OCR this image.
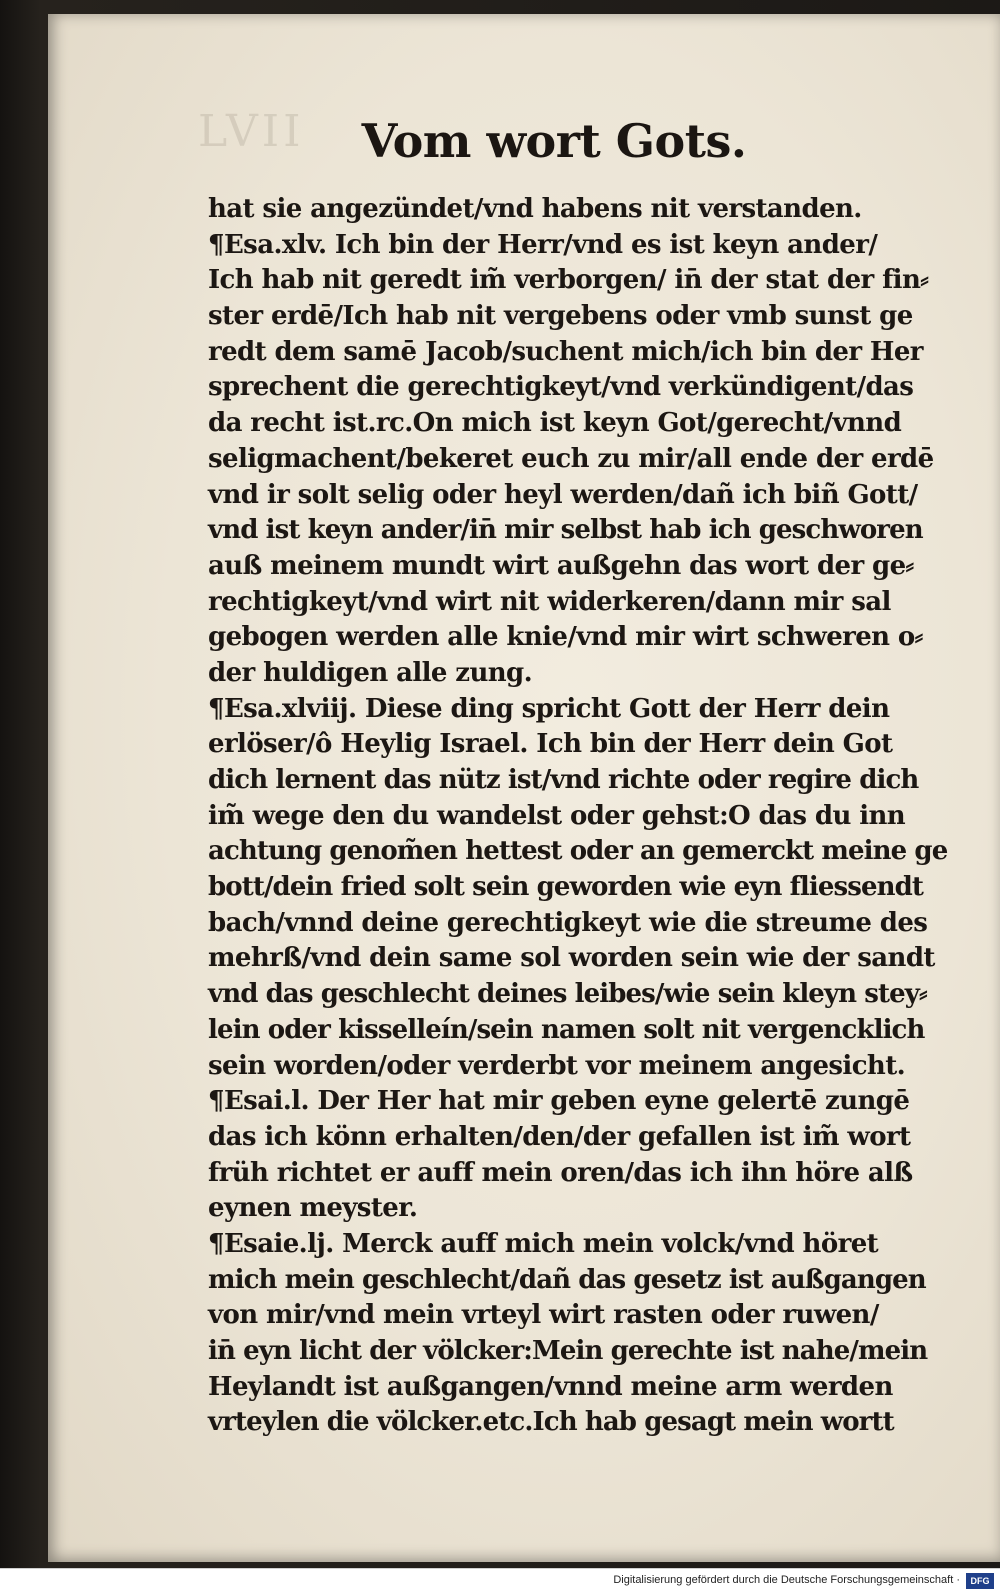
LVII	Vom wort Gots.
hat sie angezündet/vnd habens nit verstanden.
¶Esa.xlv. Ich bin der Herr/vnd es ist keyn ander/
Ich hab nit geredt im̃ verborgen/ in̄ der stat der fin⸗
ster erdē/Ich hab nit vergebens oder vmb sunst ge
redt dem samē Jacob/suchent mich/ich bin der Her
sprechent die gerechtigkeyt/vnd verkündigent/das
da recht ist.rc.On mich ist keyn Got/gerecht/vnnd
seligmachent/bekeret euch zu mir/all ende der erdē
vnd ir solt selig oder heyl werden/dañ ich biñ Gott/
vnd ist keyn ander/in̄ mir selbst hab ich geschworen
auß meinem mundt wirt außgehn das wort der ge⸗
rechtigkeyt/vnd wirt nit widerkeren/dann mir sal
gebogen werden alle knie/vnd mir wirt schweren o⸗
der huldigen alle zung.
¶Esa.xlviij. Diese ding spricht Gott der Herr dein
erlöser/ô Heylig Israel. Ich bin der Herr dein Got
dich lernent das nütz ist/vnd richte oder regire dich
im̃ wege den du wandelst oder gehst:O das du inn
achtung genom̃en hettest oder an gemerckt meine ge
bott/dein fried solt sein geworden wie eyn fliessendt
bach/vnnd deine gerechtigkeyt wie die streume des
mehrß/vnd dein same sol worden sein wie der sandt
vnd das geschlecht deines leibes/wie sein kleyn stey⸗
lein oder kisselleín/sein namen solt nit vergencklich
sein worden/oder verderbt vor meinem angesicht.
¶Esai.l. Der Her hat mir geben eyne gelertē zungē
das ich könn erhalten/den/der gefallen ist im̃ wort
früh richtet er auff mein oren/das ich ihn höre alß
eynen meyster.
¶Esaie.lj. Merck auff mich mein volck/vnd höret
mich mein geschlecht/dañ das gesetz ist außgangen
von mir/vnd mein vrteyl wirt rasten oder ruwen/
in̄ eyn licht der völcker:Mein gerechte ist nahe/mein
Heylandt ist außgangen/vnnd meine arm werden
vrteylen die völcker.etc.Ich hab gesagt mein wortt
Digitalisierung gefördert durch die Deutsche Forschungsgemeinschaft ·	DFG
